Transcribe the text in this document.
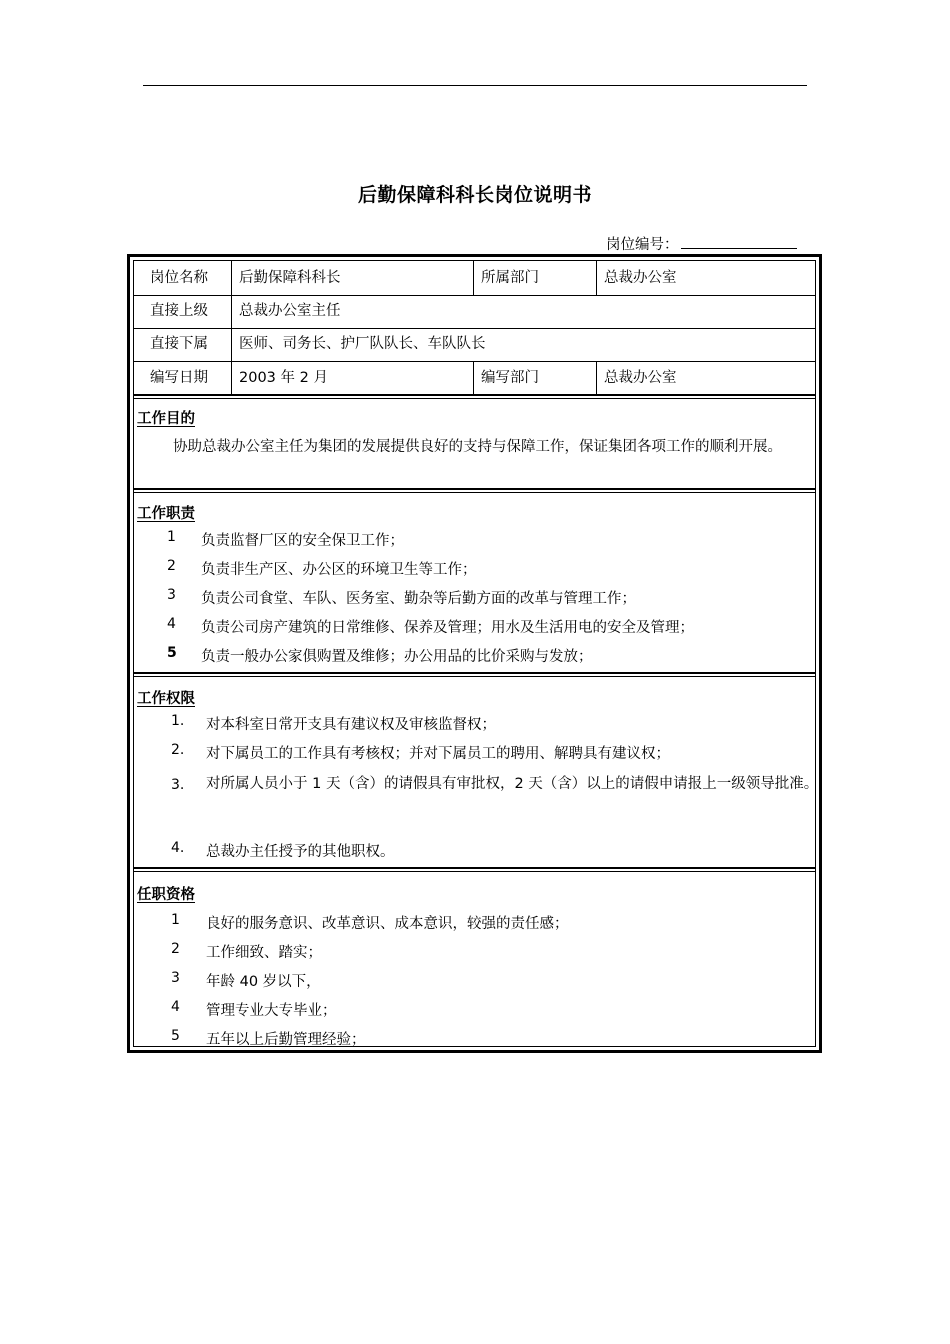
后勤保障科科长岗位说明书
岗位编号：
岗位名称 后勤保障科科长	所属部门	总裁办公室
直接上级 总裁办公室主任
直接下属 医师、司务长、护厂队队长、车队队长
编写日期 2003 年 2 月	编写部门	总裁办公室
工作目的
协助总裁办公室主任为集团的发展提供良好的支持与保障工作，保证集团各项工作的顺利开展。
工作职责
1 负责监督厂区的安全保卫工作；
2 负责非生产区、办公区的环境卫生等工作；
3 负责公司食堂、车队、医务室、勤杂等后勤方面的改革与管理工作；
4 负责公司房产建筑的日常维修、保养及管理；用水及生活用电的安全及管理；
5 负责一般办公家俱购置及维修；办公用品的比价采购与发放；
工作权限
1. 对本科室日常开支具有建议权及审核监督权；
2. 对下属员工的工作具有考核权；并对下属员工的聘用、解聘具有建议权；
3. 对所属人员小于 1 天（含）的请假具有审批权，2 天（含）以上的请假申请报上一级领导批准。
4. 总裁办主任授予的其他职权。
任职资格
1 良好的服务意识、改革意识、成本意识，较强的责任感；
2 工作细致、踏实；
3 年龄 40 岁以下，
4 管理专业大专毕业；
5 五年以上后勤管理经验；
